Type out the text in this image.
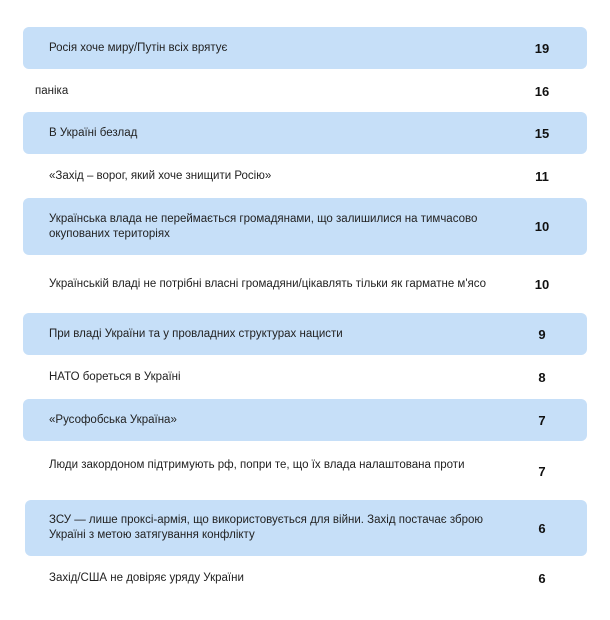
Росія хоче миру/Путін всіх врятує	19
паніка	16
В Україні безлад	15
«Захід – ворог, який хоче знищити Росію»	11
Українська влада не переймається громадянами, що залишилися на тимчасово окупованих територіях	10
Українській владі не потрібні власні громадяни/цікавлять тільки як гарматне м'ясо	10
При владі України та у провладних структурах нацисти	9
НАТО бореться в Україні	8
«Русофобська Україна»	7
Люди закордоном підтримують рф, попри те, що їх влада налаштована проти	7
ЗСУ — лише проксі-армія, що використовується для війни. Захід постачає зброю Україні з метою затягування конфлікту	6
Захід/США не довіряє уряду України	6
